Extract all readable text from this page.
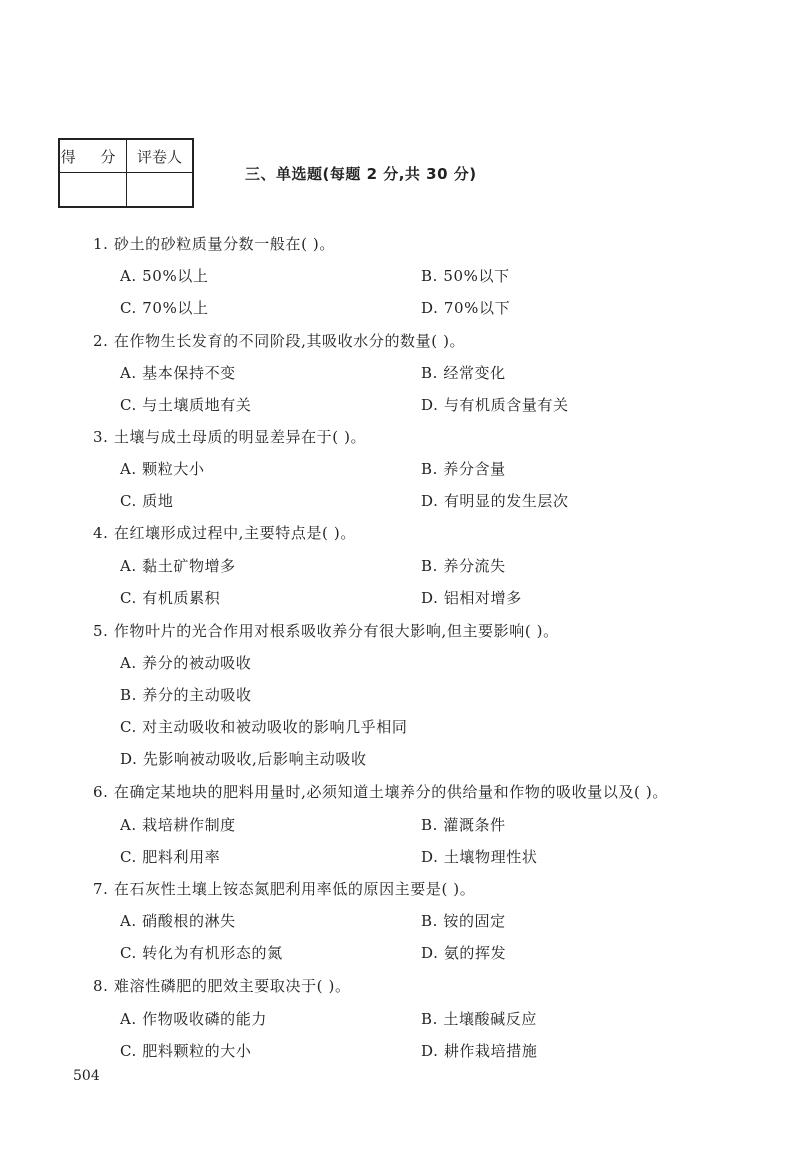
得 分	评卷人

三、单选题(每题 2 分,共 30 分)
1. 砂土的砂粒质量分数一般在( )。
A. 50%以上	B. 50%以下
C. 70%以上	D. 70%以下
2. 在作物生长发育的不同阶段,其吸收水分的数量( )。
A. 基本保持不变	B. 经常变化
C. 与土壤质地有关	D. 与有机质含量有关
3. 土壤与成土母质的明显差异在于( )。
A. 颗粒大小	B. 养分含量
C. 质地	D. 有明显的发生层次
4. 在红壤形成过程中,主要特点是( )。
A. 黏土矿物增多	B. 养分流失
C. 有机质累积	D. 铝相对增多
5. 作物叶片的光合作用对根系吸收养分有很大影响,但主要影响( )。
A. 养分的被动吸收
B. 养分的主动吸收
C. 对主动吸收和被动吸收的影响几乎相同
D. 先影响被动吸收,后影响主动吸收
6. 在确定某地块的肥料用量时,必须知道土壤养分的供给量和作物的吸收量以及( )。
A. 栽培耕作制度	B. 灌溉条件
C. 肥料利用率	D. 土壤物理性状
7. 在石灰性土壤上铵态氮肥利用率低的原因主要是( )。
A. 硝酸根的淋失	B. 铵的固定
C. 转化为有机形态的氮	D. 氨的挥发
8. 难溶性磷肥的肥效主要取决于( )。
A. 作物吸收磷的能力	B. 土壤酸碱反应
C. 肥料颗粒的大小	D. 耕作栽培措施
504
